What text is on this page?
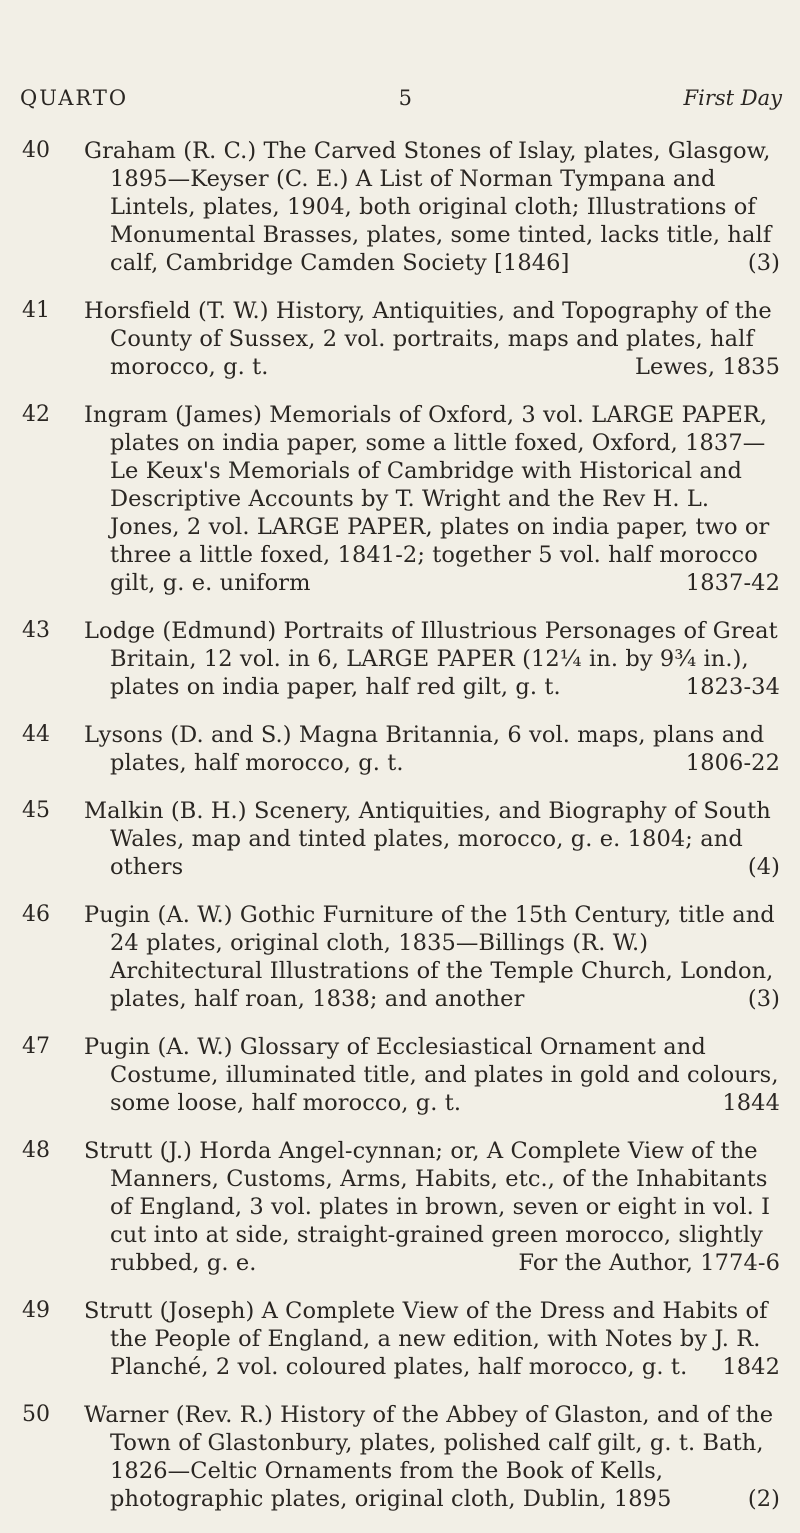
QUARTO	5	First Day
40	Graham (R. C.) The Carved Stones of Islay, plates, Glasgow, 1895—Keyser (C. E.) A List of Norman Tympana and Lintels, plates, 1904, both original cloth; Illustrations of Monumental Brasses, plates, some tinted, lacks title, half calf, Cambridge Camden Society [1846]	(3)
41	Horsfield (T. W.) History, Antiquities, and Topography of the County of Sussex, 2 vol. portraits, maps and plates, half morocco, g. t.	Lewes, 1835
42	Ingram (James) Memorials of Oxford, 3 vol. LARGE PAPER, plates on india paper, some a little foxed, Oxford, 1837—Le Keux's Memorials of Cambridge with Historical and Descriptive Accounts by T. Wright and the Rev H. L. Jones, 2 vol. LARGE PAPER, plates on india paper, two or three a little foxed, 1841-2; together 5 vol. half morocco gilt, g. e. uniform	1837-42
43	Lodge (Edmund) Portraits of Illustrious Personages of Great Britain, 12 vol. in 6, LARGE PAPER (12¼ in. by 9¾ in.), plates on india paper, half red gilt, g. t.	1823-34
44	Lysons (D. and S.) Magna Britannia, 6 vol. maps, plans and plates, half morocco, g. t.	1806-22
45	Malkin (B. H.) Scenery, Antiquities, and Biography of South Wales, map and tinted plates, morocco, g. e. 1804; and others	(4)
46	Pugin (A. W.) Gothic Furniture of the 15th Century, title and 24 plates, original cloth, 1835—Billings (R. W.) Architectural Illustrations of the Temple Church, London, plates, half roan, 1838; and another	(3)
47	Pugin (A. W.) Glossary of Ecclesiastical Ornament and Costume, illuminated title, and plates in gold and colours, some loose, half morocco, g. t.	1844
48	Strutt (J.) Horda Angel-cynnan; or, A Complete View of the Manners, Customs, Arms, Habits, etc., of the Inhabitants of England, 3 vol. plates in brown, seven or eight in vol. I cut into at side, straight-grained green morocco, slightly rubbed, g. e.	For the Author, 1774-6
49	Strutt (Joseph) A Complete View of the Dress and Habits of the People of England, a new edition, with Notes by J. R. Planché, 2 vol. coloured plates, half morocco, g. t. 1842
50	Warner (Rev. R.) History of the Abbey of Glaston, and of the Town of Glastonbury, plates, polished calf gilt, g. t. Bath, 1826—Celtic Ornaments from the Book of Kells, photographic plates, original cloth, Dublin, 1895	(2)
